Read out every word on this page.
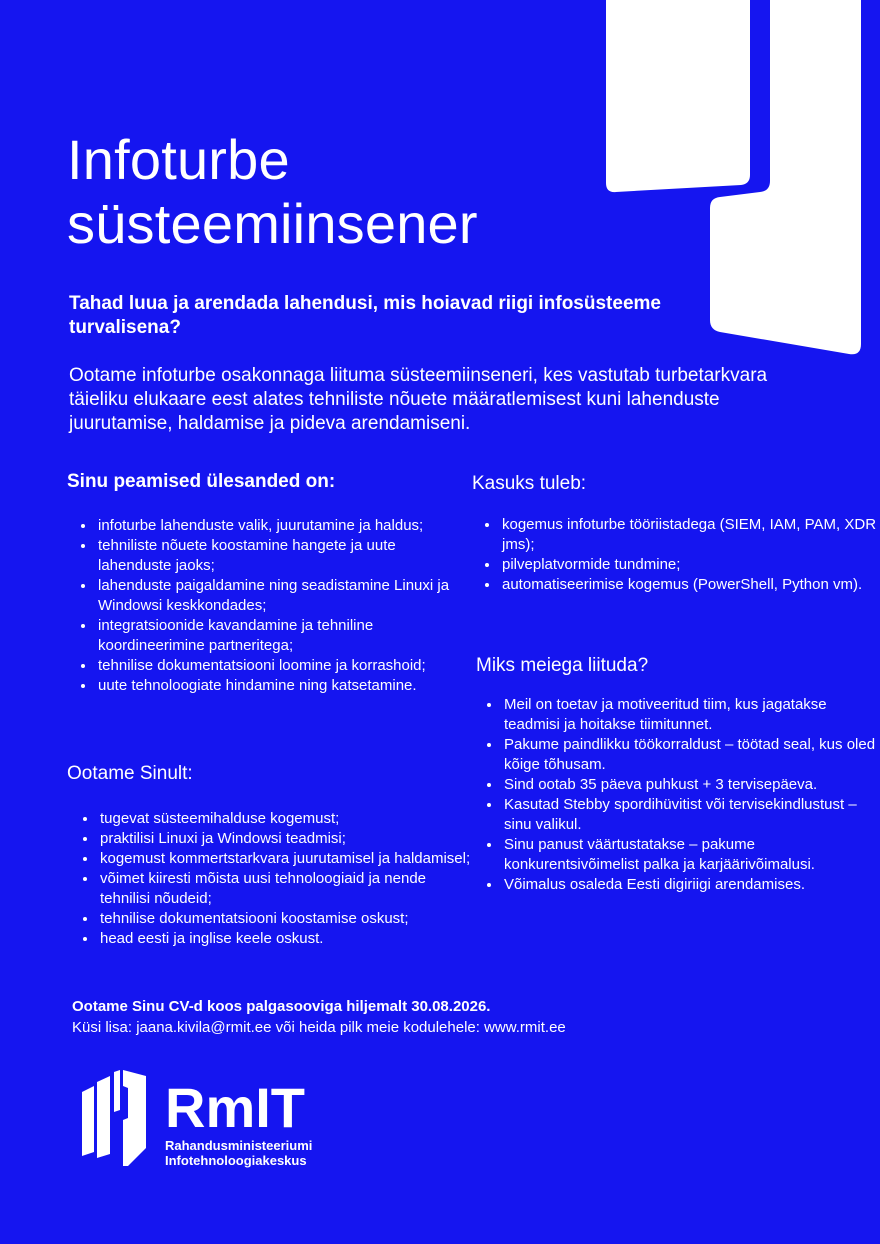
Infoturbe
süsteemiinsener

Tahad luua ja arendada lahendusi, mis hoiavad riigi infosüsteeme turvalisena?

Ootame infoturbe osakonnaga liituma süsteemiinseneri, kes vastutab turbetarkvara täieliku elukaare eest alates tehniliste nõuete määratlemisest kuni lahenduste juurutamise, haldamise ja pideva arendamiseni.

Sinu peamised ülesanded on:
• infoturbe lahenduste valik, juurutamine ja haldus;
• tehniliste nõuete koostamine hangete ja uute lahenduste jaoks;
• lahenduste paigaldamine ning seadistamine Linuxi ja Windowsi keskkondades;
• integratsioonide kavandamine ja tehniline koordineerimine partneritega;
• tehnilise dokumentatsiooni loomine ja korrashoid;
• uute tehnoloogiate hindamine ning katsetamine.
Ootame Sinult:
• tugevat süsteemihalduse kogemust;
• praktilisi Linuxi ja Windowsi teadmisi;
• kogemust kommertstarkvara juurutamisel ja haldamisel;
• võimet kiiresti mõista uusi tehnoloogiaid ja nende tehnilisi nõudeid;
• tehnilise dokumentatsiooni koostamise oskust;
• head eesti ja inglise keele oskust.
Kasuks tuleb:
• kogemus infoturbe tööriistadega (SIEM, IAM, PAM, XDR jms);
• pilveplatvormide tundmine;
• automatiseerimise kogemus (PowerShell, Python vm).
Miks meiega liituda?
• Meil on toetav ja motiveeritud tiim, kus jagatakse teadmisi ja hoitakse tiimitunnet.
• Pakume paindlikku töökorraldust – töötad seal, kus oled kõige tõhusam.
• Sind ootab 35 päeva puhkust + 3 tervisepäeva.
• Kasutad Stebby spordihüvitist või tervisekindlustust – sinu valikul.
• Sinu panust väärtustatakse – pakume konkurentsivõimelist palka ja karjäärivõimalusi.
• Võimalus osaleda Eesti digiriigi arendamises.
Ootame Sinu CV-d koos palgasooviga hiljemalt 30.08.2026.
Küsi lisa: jaana.kivila@rmit.ee või heida pilk meie kodulehele: www.rmit.ee
RmIT
Rahandusministeeriumi
Infotehnoloogiakeskus
